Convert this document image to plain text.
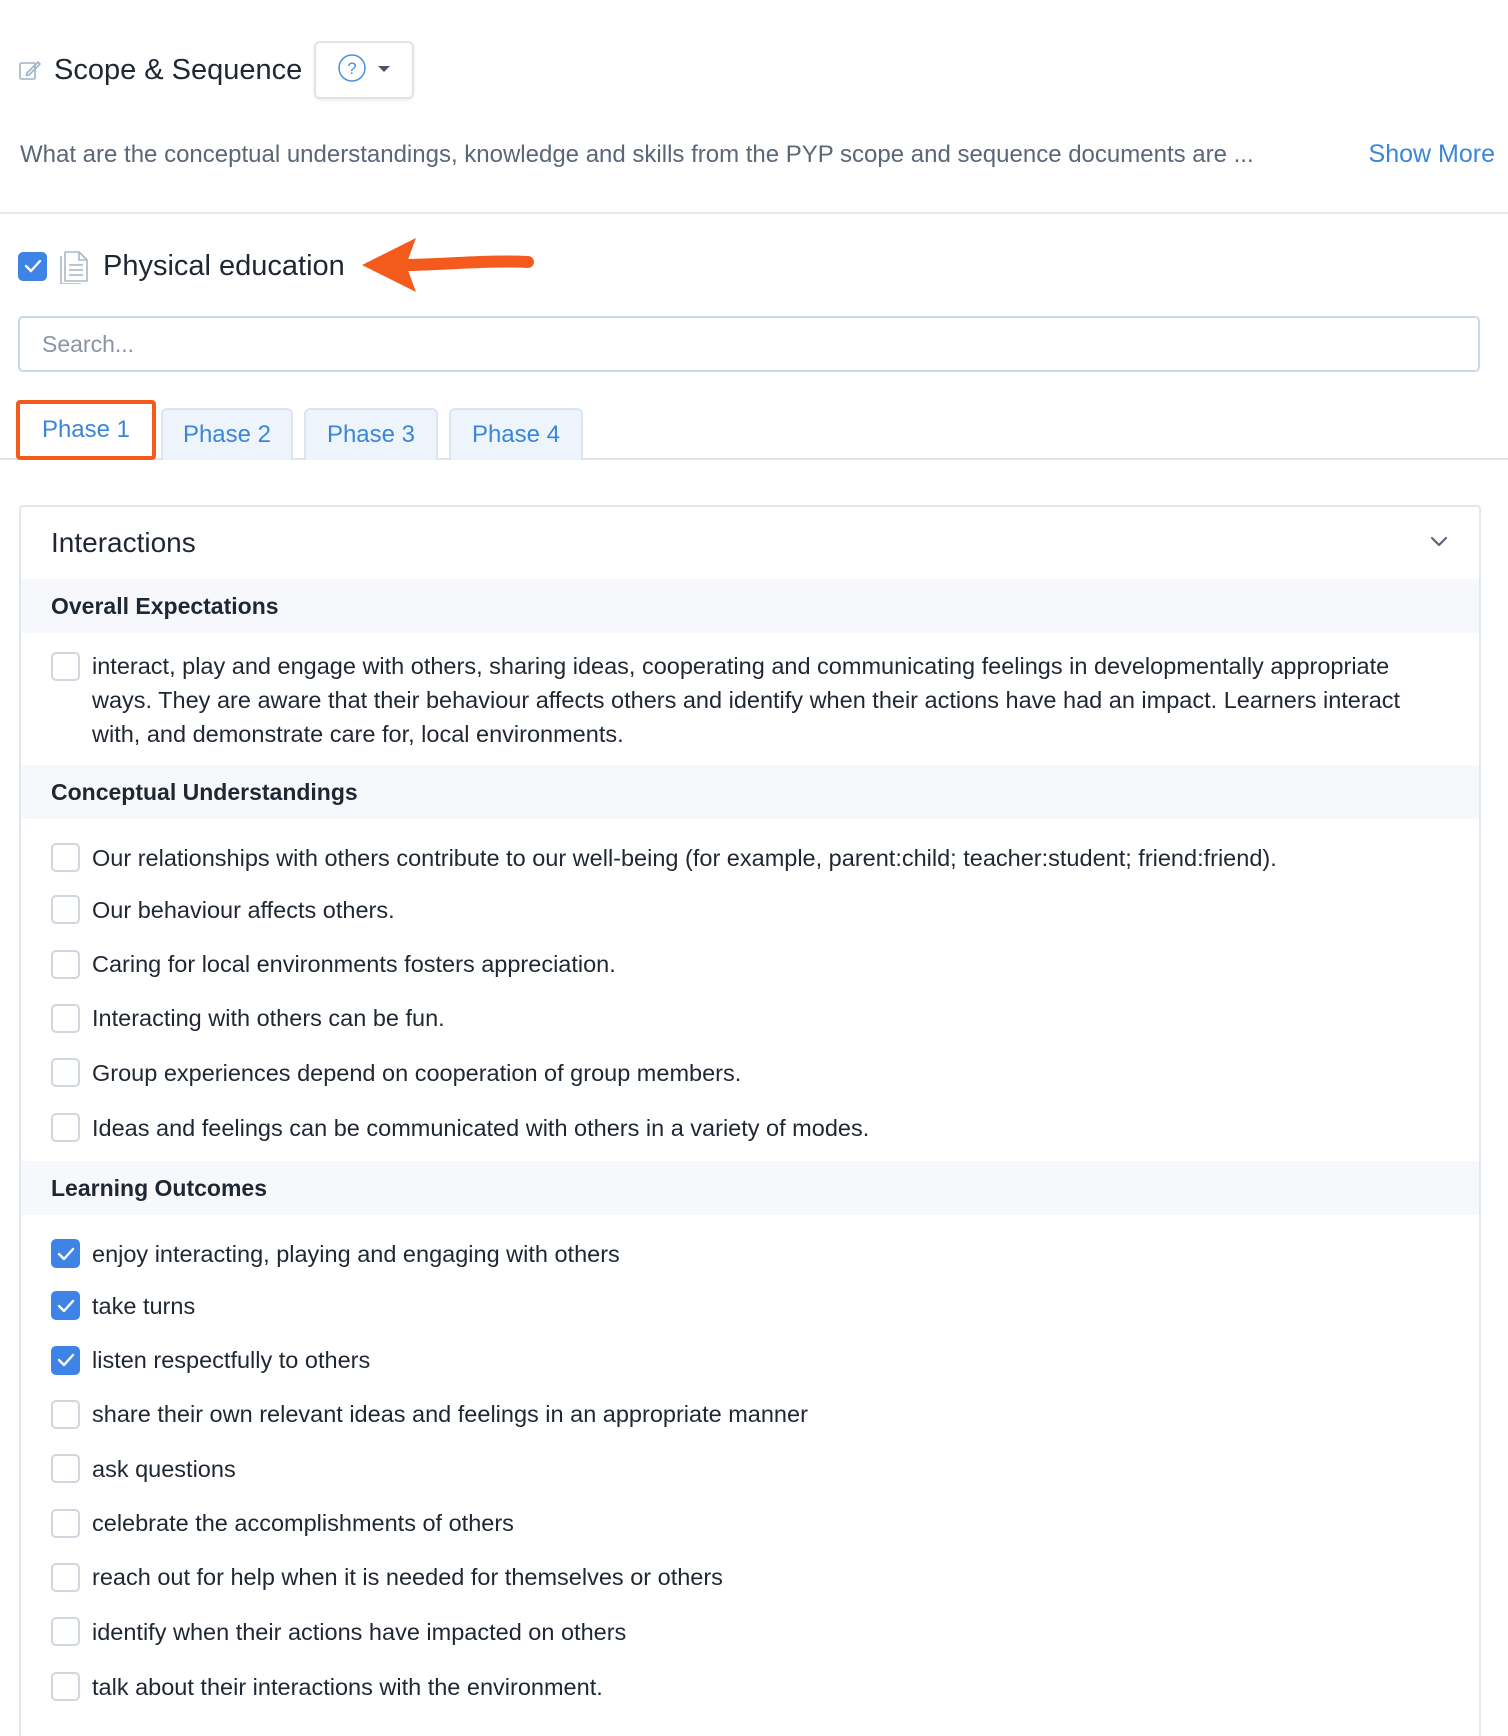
Scope & Sequence	?
What are the conceptual understandings, knowledge and skills from the PYP scope and sequence documents are ...	Show More
Physical education
Search...
Phase 1	Phase 2	Phase 3	Phase 4
Interactions
Overall Expectations
interact, play and engage with others, sharing ideas, cooperating and communicating feelings in developmentally appropriate ways. They are aware that their behaviour affects others and identify when their actions have had an impact. Learners interact with, and demonstrate care for, local environments.
Conceptual Understandings
Our relationships with others contribute to our well-being (for example, parent:child; teacher:student; friend:friend).
Our behaviour affects others.
Caring for local environments fosters appreciation.
Interacting with others can be fun.
Group experiences depend on cooperation of group members.
Ideas and feelings can be communicated with others in a variety of modes.
Learning Outcomes
enjoy interacting, playing and engaging with others
take turns
listen respectfully to others
share their own relevant ideas and feelings in an appropriate manner
ask questions
celebrate the accomplishments of others
reach out for help when it is needed for themselves or others
identify when their actions have impacted on others
talk about their interactions with the environment.
